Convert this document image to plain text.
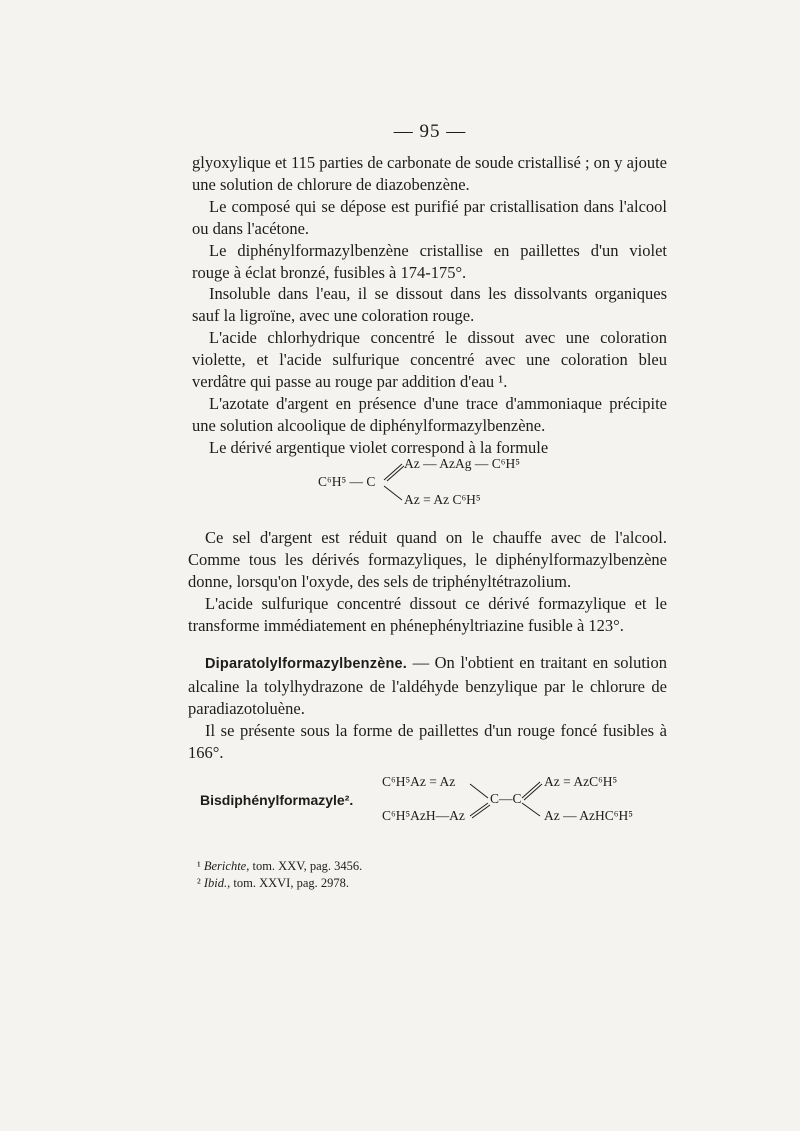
— 95 —

glyoxylique et 115 parties de carbonate de soude cristallisé ; on y ajoute une solution de chlorure de diazobenzène.

Le composé qui se dépose est purifié par cristallisation dans l'alcool ou dans l'acétone.

Le diphénylformazylbenzène cristallise en paillettes d'un violet rouge à éclat bronzé, fusibles à 174-175°.

Insoluble dans l'eau, il se dissout dans les dissolvants organiques sauf la ligroïne, avec une coloration rouge.

L'acide chlorhydrique concentré le dissout avec une coloration violette, et l'acide sulfurique concentré avec une coloration bleu verdâtre qui passe au rouge par addition d'eau ¹.

L'azotate d'argent en présence d'une trace d'ammoniaque précipite une solution alcoolique de diphénylformazylbenzène.

Le dérivé argentique violet correspond à la formule

C⁶H⁵ — C
Az — AzAg — C⁶H⁵
Az = Az C⁶H⁵

Ce sel d'argent est réduit quand on le chauffe avec de l'alcool. Comme tous les dérivés formazyliques, le diphénylformazylbenzène donne, lorsqu'on l'oxyde, des sels de triphényltétrazolium.

L'acide sulfurique concentré dissout ce dérivé formazylique et le transforme immédiatement en phénephényltriazine fusible à 123°.

Diparatolylformazylbenzène. — On l'obtient en traitant en solution alcaline la tolylhydrazone de l'aldéhyde benzylique par le chlorure de paradiazotoluène.

Il se présente sous la forme de paillettes d'un rouge foncé fusibles à 166°.

Bisdiphénylformazyle².
C⁶H⁵Az = Az
C⁶H⁵AzH—Az
C—C
Az = AzC⁶H⁵
Az — AzHC⁶H⁵
¹ Berichte, tom. XXV, pag. 3456.
² Ibid., tom. XXVI, pag. 2978.
